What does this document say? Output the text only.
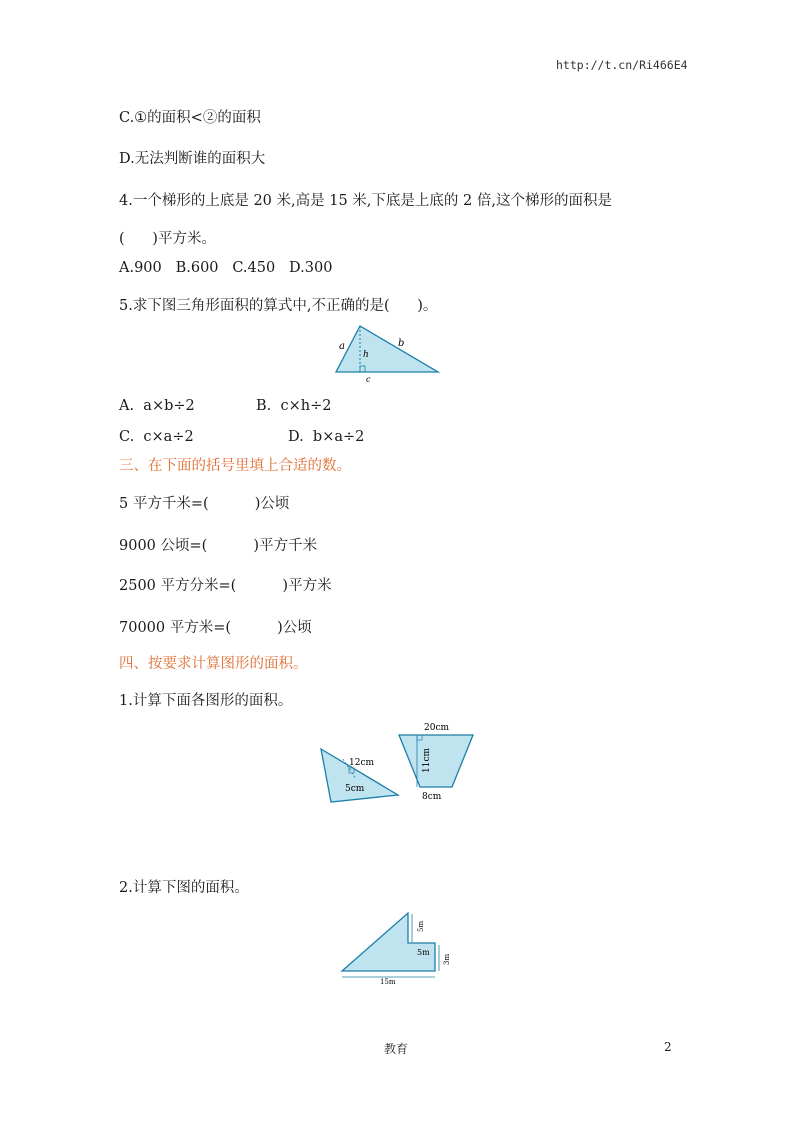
http://t.cn/Ri466E4
C.①的面积<②的面积
D.无法判断谁的面积大
4.一个梯形的上底是 20 米,高是 15 米,下底是上底的 2 倍,这个梯形的面积是
(      )平方米。
A.900   B.600   C.450   D.300
5.求下图三角形面积的算式中,不正确的是(      )。
a	b
h
c
A.  a×b÷2	B.  c×h÷2
C.  c×a÷2	D.  b×a÷2
三、在下面的括号里填上合适的数。
5 平方千米=(          )公顷
9000 公顷=(          )平方千米
2500 平方分米=(          )平方米
70000 平方米=(          )公顷
四、按要求计算图形的面积。
1.计算下面各图形的面积。
12cm
5cm
20cm
11cm
8cm
2.计算下图的面积。
5m
5m
3m
15m
教育	2
